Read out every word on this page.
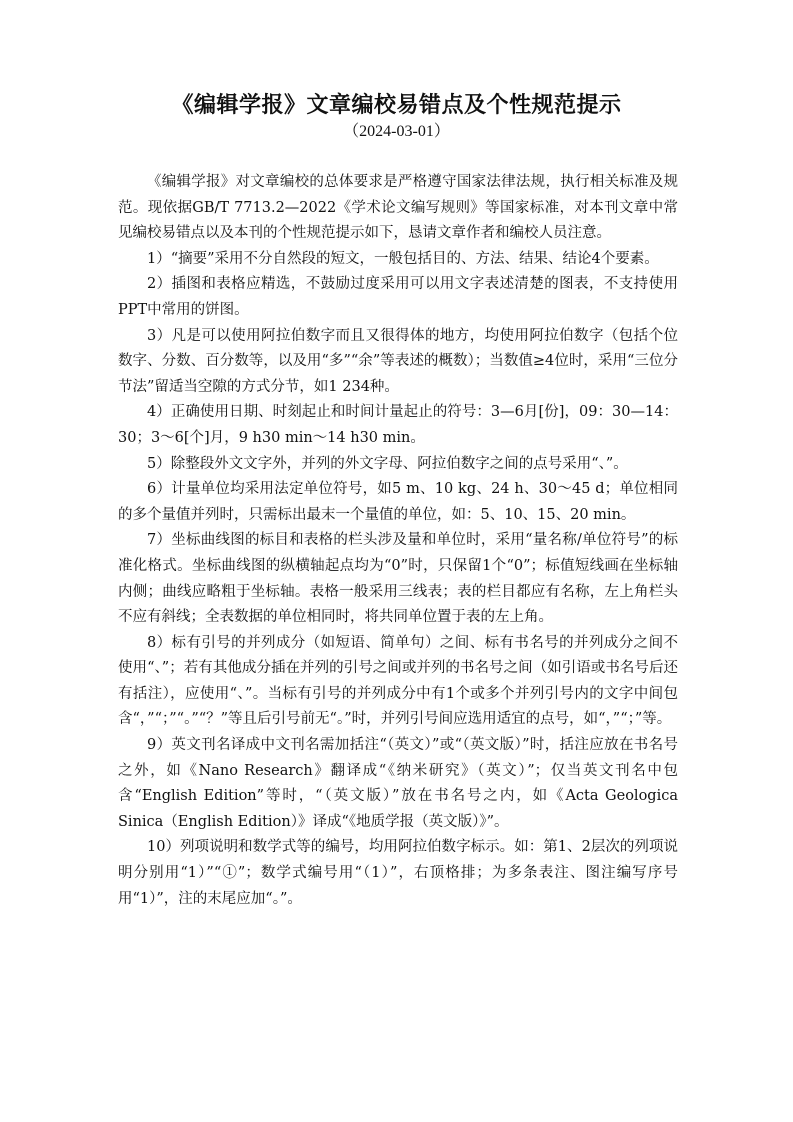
《编辑学报》文章编校易错点及个性规范提示
（2024-03-01）

《编辑学报》对文章编校的总体要求是严格遵守国家法律法规，执行相关标准及规范。现依据GB/T 7713.2—2022《学术论文编写规则》等国家标准，对本刊文章中常见编校易错点以及本刊的个性规范提示如下，恳请文章作者和编校人员注意。

1）“摘要”采用不分自然段的短文，一般包括目的、方法、结果、结论4个要素。

2）插图和表格应精选，不鼓励过度采用可以用文字表述清楚的图表，不支持使用PPT中常用的饼图。

3）凡是可以使用阿拉伯数字而且又很得体的地方，均使用阿拉伯数字（包括个位数字、分数、百分数等，以及用“多”“余”等表述的概数）；当数值≥4位时，采用“三位分节法”留适当空隙的方式分节，如1 234种。

4）正确使用日期、时刻起止和时间计量起止的符号：3—6月[份]，09：30—14：30；3～6[个]月，9 h30 min～14 h30 min。

5）除整段外文文字外，并列的外文字母、阿拉伯数字之间的点号采用“、”。

6）计量单位均采用法定单位符号，如5 m、10 kg、24 h、30～45 d；单位相同的多个量值并列时，只需标出最末一个量值的单位，如：5、10、15、20 min。

7）坐标曲线图的标目和表格的栏头涉及量和单位时，采用“量名称/单位符号”的标准化格式。坐标曲线图的纵横轴起点均为“0”时，只保留1个“0”；标值短线画在坐标轴内侧；曲线应略粗于坐标轴。表格一般采用三线表；表的栏目都应有名称，左上角栏头不应有斜线；全表数据的单位相同时，将共同单位置于表的左上角。

8）标有引号的并列成分（如短语、简单句）之间、标有书名号的并列成分之间不使用“、”；若有其他成分插在并列的引号之间或并列的书名号之间（如引语或书名号后还有括注），应使用“、”。当标有引号的并列成分中有1个或多个并列引号内的文字中间包含“，”“；”“。”“？”等且后引号前无“。”时，并列引号间应选用适宜的点号，如“，”“；”等。

9）英文刊名译成中文刊名需加括注“（英文）”或“（英文版）”时，括注应放在书名号之外，如《Nano Research》翻译成“《纳米研究》（英文）”；仅当英文刊名中包含“English Edition”等时，“（英文版）”放在书名号之内，如《Acta Geologica Sinica（English Edition）》译成“《地质学报（英文版）》”。

10）列项说明和数学式等的编号，均用阿拉伯数字标示。如：第1、2层次的列项说明分别用“1）”“①”；数学式编号用“（1）”，右顶格排；为多条表注、图注编写序号用“1）”，注的末尾应加“。”。
